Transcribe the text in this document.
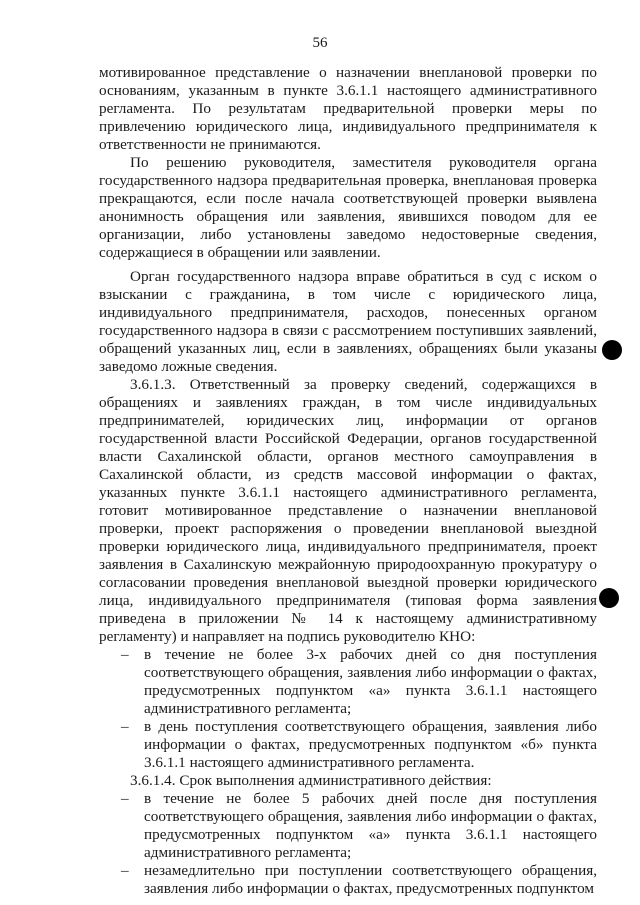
56

мотивированное представление о назначении внеплановой проверки по основаниям, указанным в пункте 3.6.1.1 настоящего административного регламента. По результатам предварительной проверки меры по привлечению юридического лица, индивидуального предпринимателя к ответственности не принимаются.

По решению руководителя, заместителя руководителя органа государственного надзора предварительная проверка, внеплановая проверка прекращаются, если после начала соответствующей проверки выявлена анонимность обращения или заявления, явившихся поводом для ее организации, либо установлены заведомо недостоверные сведения, содержащиеся в обращении или заявлении.

Орган государственного надзора вправе обратиться в суд с иском о взыскании с гражданина, в том числе с юридического лица, индивидуального предпринимателя, расходов, понесенных органом государственного надзора в связи с рассмотрением поступивших заявлений, обращений указанных лиц, если в заявлениях, обращениях были указаны заведомо ложные сведения.

3.6.1.3. Ответственный за проверку сведений, содержащихся в обращениях и заявлениях граждан, в том числе индивидуальных предпринимателей, юридических лиц, информации от органов государственной власти Российской Федерации, органов государственной власти Сахалинской области, органов местного самоуправления в Сахалинской области, из средств массовой информации о фактах, указанных пункте 3.6.1.1 настоящего административного регламента, готовит мотивированное представление о назначении внеплановой проверки, проект распоряжения о проведении внеплановой выездной проверки юридического лица, индивидуального предпринимателя, проект заявления в Сахалинскую межрайонную природоохранную прокуратуру о согласовании проведения внеплановой выездной проверки юридического лица, индивидуального предпринимателя (типовая форма заявления приведена в приложении № 14 к настоящему административному регламенту) и направляет на подпись руководителю КНО:

– в течение не более 3-х рабочих дней со дня поступления соответствующего обращения, заявления либо информации о фактах, предусмотренных подпунктом «а» пункта 3.6.1.1 настоящего административного регламента;
– в день поступления соответствующего обращения, заявления либо информации о фактах, предусмотренных подпунктом «б» пункта 3.6.1.1 настоящего административного регламента.

3.6.1.4. Срок выполнения административного действия:

– в течение не более 5 рабочих дней после дня поступления соответствующего обращения, заявления либо информации о фактах, предусмотренных подпунктом «а» пункта 3.6.1.1 настоящего административного регламента;
– незамедлительно при поступлении соответствующего обращения, заявления либо информации о фактах, предусмотренных подпунктом
